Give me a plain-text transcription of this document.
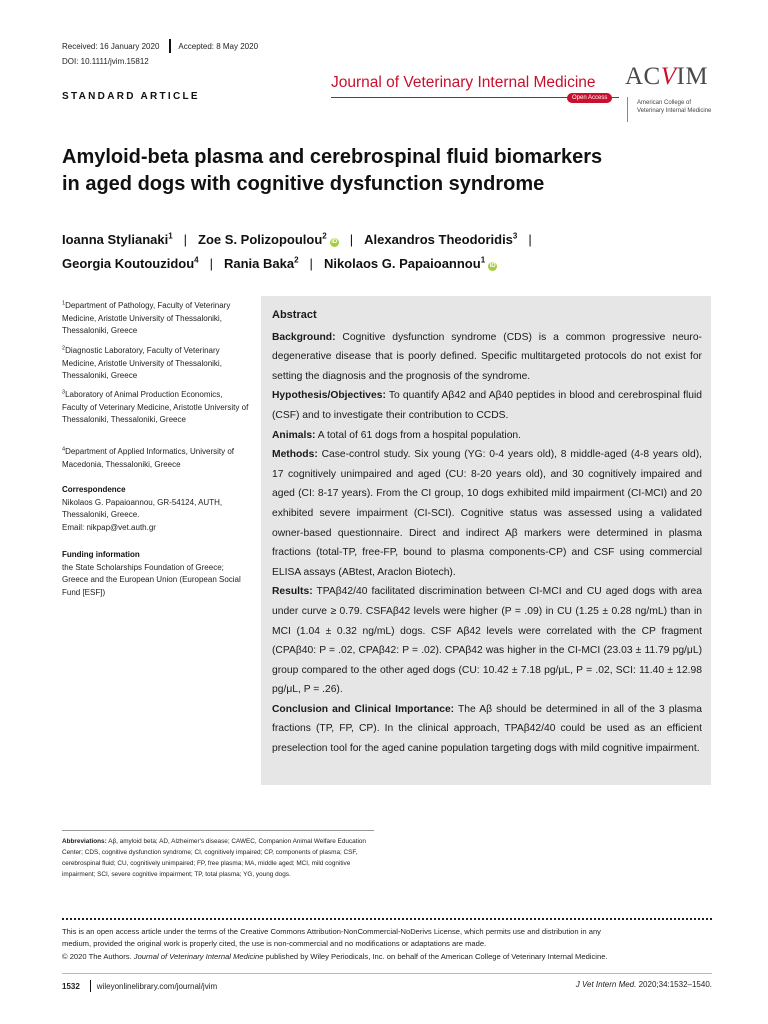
Received: 16 January 2020 Accepted: 8 May 2020
DOI: 10.1111/jvim.15812
STANDARD ARTICLE
Journal of Veterinary Internal Medicine
Open Access
ACVIM
American College of
Veterinary Internal Medicine
Amyloid-beta plasma and cerebrospinal fluid biomarkers
in aged dogs with cognitive dysfunction syndrome
Ioanna Stylianaki$^1$ | Zoe S. Polizopoulou$^2$iD | Alexandros Theodoridis$^3$ |
Georgia Koutouzidou$^4$ | Rania Baka$^2$ | Nikolaos G. Papaioannou$^1$iD
$^1$Department of Pathology, Faculty of Veterinary Medicine, Aristotle University of Thessaloniki, Thessaloniki, Greece
$^2$Diagnostic Laboratory, Faculty of Veterinary Medicine, Aristotle University of Thessaloniki, Thessaloniki, Greece
$^3$Laboratory of Animal Production Economics, Faculty of Veterinary Medicine, Aristotle University of Thessaloniki, Thessaloniki, Greece
$^4$Department of Applied Informatics, University of Macedonia, Thessaloniki, Greece
Correspondence
Nikolaos G. Papaioannou, GR-54124, AUTH, Thessaloniki, Greece.
Email: nikpap@vet.auth.gr
Funding information
the State Scholarships Foundation of Greece; Greece and the European Union (European Social Fund [ESF])
Abstract

Background: Cognitive dysfunction syndrome (CDS) is a common progressive neuro-degenerative disease that is poorly defined. Specific multitargeted protocols do not exist for setting the diagnosis and the prognosis of the syndrome.

Hypothesis/Objectives: To quantify Aβ42 and Aβ40 peptides in blood and cerebrospinal fluid (CSF) and to investigate their contribution to CCDS.

Animals: A total of 61 dogs from a hospital population.

Methods: Case-control study. Six young (YG: 0-4 years old), 8 middle-aged (4-8 years old), 17 cognitively unimpaired and aged (CU: 8-20 years old), and 30 cognitively impaired and aged (CI: 8-17 years). From the CI group, 10 dogs exhibited mild impairment (CI-MCI) and 20 exhibited severe impairment (CI-SCI). Cognitive status was assessed using a validated owner-based questionnaire. Direct and indirect Aβ markers were determined in plasma fractions (total-TP, free-FP, bound to plasma components-CP) and CSF using commercial ELISA assays (ABtest, Araclon Biotech).

Results: TPAβ42/40 facilitated discrimination between CI-MCI and CU aged dogs with area under curve ≥ 0.79. CSFAβ42 levels were higher (P = .09) in CU (1.25 ± 0.28 ng/mL) than in MCI (1.04 ± 0.32 ng/mL) dogs. CSF Aβ42 levels were correlated with the CP fragment (CPAβ40: P = .02, CPAβ42: P = .02). CPAβ42 was higher in the CI-MCI (23.03 ± 11.79 pg/μL) group compared to the other aged dogs (CU: 10.42 ± 7.18 pg/μL, P = .02, SCI: 11.40 ± 12.98 pg/μL, P = .26).

Conclusion and Clinical Importance: The Aβ should be determined in all of the 3 plasma fractions (TP, FP, CP). In the clinical approach, TPAβ42/40 could be used as an efficient preselection tool for the aged canine population targeting dogs with mild cognitive impairment.

Abbreviations: Aβ, amyloid beta; AD, Alzheimer's disease; CAWEC, Companion Animal Welfare Education Center; CDS, cognitive dysfunction syndrome; CI, cognitively impaired; CP, components of plasma; CSF, cerebrospinal fluid; CU, cognitively unimpaired; FP, free plasma; MA, middle aged; MCI, mild cognitive impairment; SCI, severe cognitive impairment; TP, total plasma; YG, young dogs.
This is an open access article under the terms of the Creative Commons Attribution-NonCommercial-NoDerivs License, which permits use and distribution in any
medium, provided the original work is properly cited, the use is non-commercial and no modifications or adaptations are made.
© 2020 The Authors. Journal of Veterinary Internal Medicine published by Wiley Periodicals, Inc. on behalf of the American College of Veterinary Internal Medicine.
1532 wileyonlinelibrary.com/journal/jvim	J Vet Intern Med. 2020;34:1532–1540.
